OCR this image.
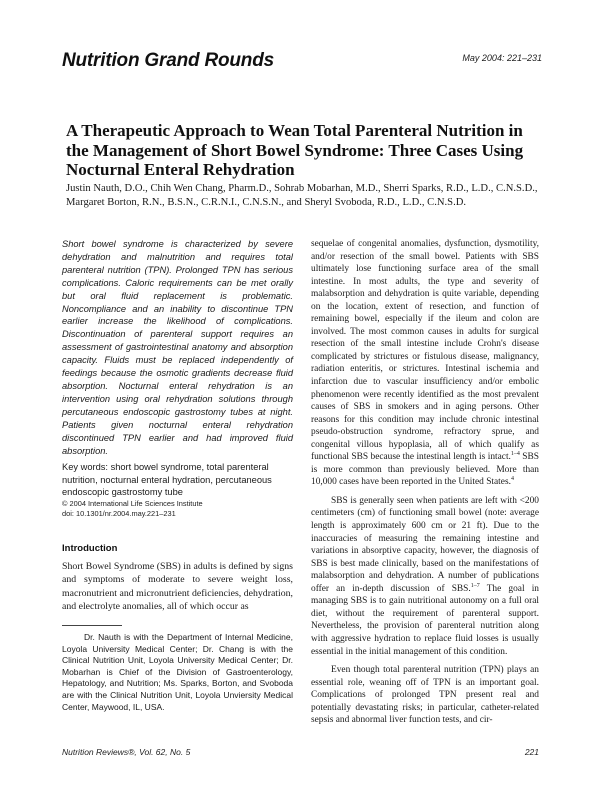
Nutrition Grand Rounds	May 2004: 221–231
A Therapeutic Approach to Wean Total Parenteral Nutrition in the Management of Short Bowel Syndrome: Three Cases Using Nocturnal Enteral Rehydration
Justin Nauth, D.O., Chih Wen Chang, Pharm.D., Sohrab Mobarhan, M.D., Sherri Sparks, R.D., L.D., C.N.S.D., Margaret Borton, R.N., B.S.N., C.R.N.I., C.N.S.N., and Sheryl Svoboda, R.D., L.D., C.N.S.D.

Short bowel syndrome is characterized by severe dehydration and malnutrition and requires total parenteral nutrition (TPN). Prolonged TPN has serious complications. Caloric requirements can be met orally but oral fluid replacement is problematic. Noncompliance and an inability to discontinue TPN earlier increase the likelihood of complications. Discontinuation of parenteral support requires an assessment of gastrointestinal anatomy and absorption capacity. Fluids must be replaced independently of feedings because the osmotic gradients decrease fluid absorption. Nocturnal enteral rehydration is an intervention using oral rehydration solutions through percutaneous endoscopic gastrostomy tubes at night. Patients given nocturnal enteral rehydration discontinued TPN earlier and had improved fluid absorption.

Key words: short bowel syndrome, total parenteral nutrition, nocturnal enteral hydration, percutaneous endoscopic gastrostomy tube

© 2004 International Life Sciences Institute

doi: 10.1301/nr.2004.may.221–231

Introduction

Short Bowel Syndrome (SBS) in adults is defined by signs and symptoms of moderate to severe weight loss, macronutrient and micronutrient deficiencies, dehydration, and electrolyte anomalies, all of which occur as

Dr. Nauth is with the Department of Internal Medicine, Loyola University Medical Center; Dr. Chang is with the Clinical Nutrition Unit, Loyola University Medical Center; Dr. Mobarhan is Chief of the Division of Gastroenterology, Hepatology, and Nutrition; Ms. Sparks, Borton, and Svoboda are with the Clinical Nutrition Unit, Loyola Unviersity Medical Center, Maywood, IL, USA.

sequelae of congenital anomalies, dysfunction, dysmotility, and/or resection of the small bowel. Patients with SBS ultimately lose functioning surface area of the small intestine. In most adults, the type and severity of malabsorption and dehydration is quite variable, depending on the location, extent of resection, and function of remaining bowel, especially if the ileum and colon are involved. The most common causes in adults for surgical resection of the small intestine include Crohn's disease complicated by strictures or fistulous disease, malignancy, radiation enteritis, or strictures. Intestinal ischemia and infarction due to vascular insufficiency and/or embolic phenomenon were recently identified as the most prevalent causes of SBS in smokers and in aging persons. Other reasons for this condition may include chronic intestinal pseudo-obstruction syndrome, refractory sprue, and congenital villous hypoplasia, all of which qualify as functional SBS because the intestinal length is intact.$^{1-4}$ SBS is more common than previously believed. More than 10,000 cases have been reported in the United States.$^4$

SBS is generally seen when patients are left with <200 centimeters (cm) of functioning small bowel (note: average length is approximately 600 cm or 21 ft). Due to the inaccuracies of measuring the remaining intestine and variations in absorptive capacity, however, the diagnosis of SBS is best made clinically, based on the manifestations of malabsorption and dehydration. A number of publications offer an in-depth discussion of SBS.$^{1-7}$ The goal in managing SBS is to gain nutritional autonomy on a full oral diet, without the requirement of parenteral support. Nevertheless, the provision of parenteral nutrition along with aggressive hydration to replace fluid losses is usually essential in the initial management of this condition.

Even though total parenteral nutrition (TPN) plays an essential role, weaning off of TPN is an important goal. Complications of prolonged TPN present real and potentially devastating risks; in particular, catheter-related sepsis and abnormal liver function tests, and cir-

Nutrition Reviews®, Vol. 62, No. 5	221
